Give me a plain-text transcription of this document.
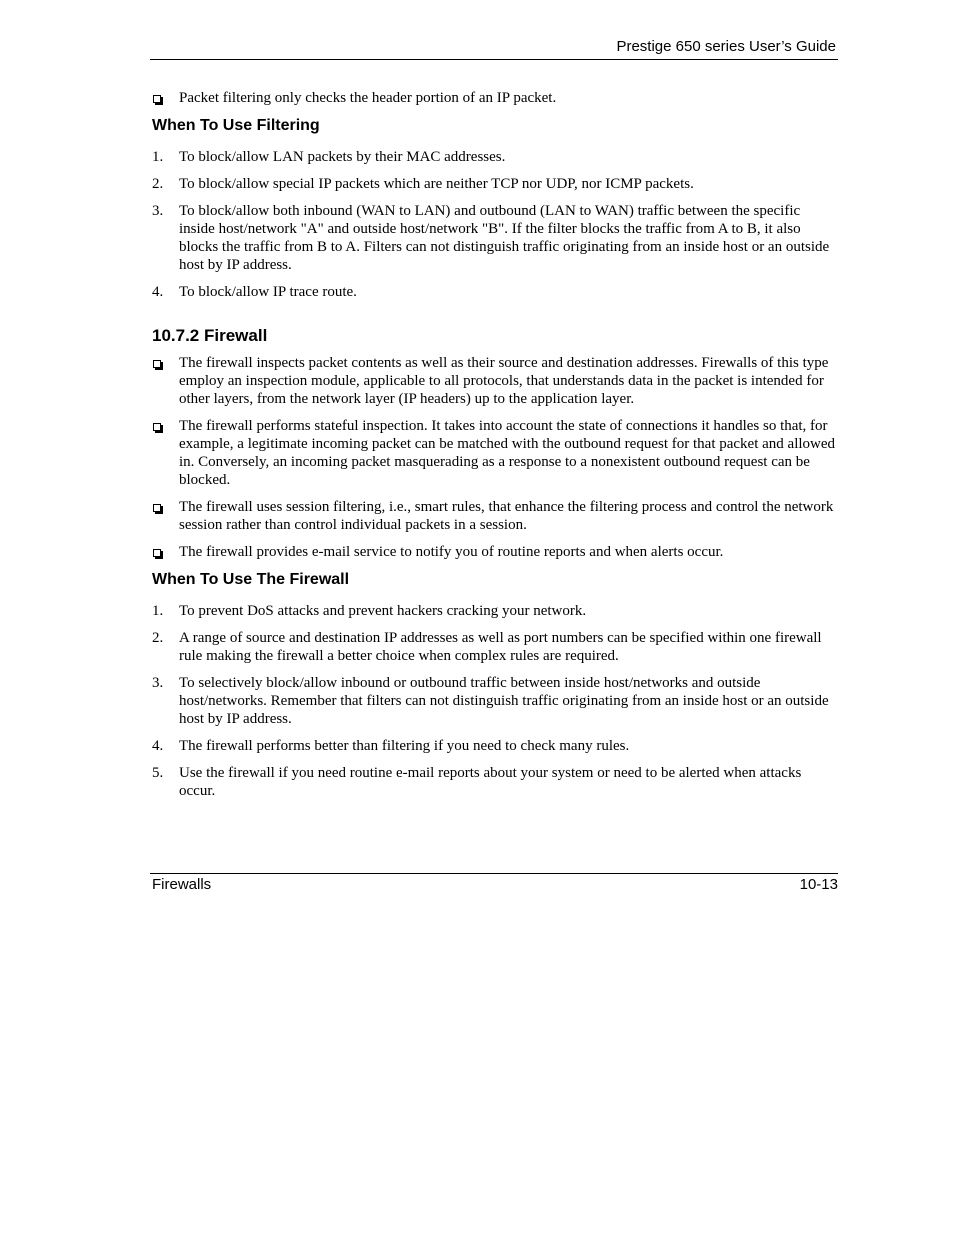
Prestige 650 series User’s Guide
Packet filtering only checks the header portion of an IP packet.
When To Use Filtering
1. To block/allow LAN packets by their MAC addresses.
2. To block/allow special IP packets which are neither TCP nor UDP, nor ICMP packets.
3. To block/allow both inbound (WAN to LAN) and outbound (LAN to WAN) traffic between the specific inside host/network "A" and outside host/network "B". If the filter blocks the traffic from A to B, it also blocks the traffic from B to A. Filters can not distinguish traffic originating from an inside host or an outside host by IP address.
4. To block/allow IP trace route.
10.7.2 Firewall
The firewall inspects packet contents as well as their source and destination addresses. Firewalls of this type employ an inspection module, applicable to all protocols, that understands data in the packet is intended for other layers, from the network layer (IP headers) up to the application layer.
The firewall performs stateful inspection. It takes into account the state of connections it handles so that, for example, a legitimate incoming packet can be matched with the outbound request for that packet and allowed in. Conversely, an incoming packet masquerading as a response to a nonexistent outbound request can be blocked.
The firewall uses session filtering, i.e., smart rules, that enhance the filtering process and control the network session rather than control individual packets in a session.
The firewall provides e-mail service to notify you of routine reports and when alerts occur.
When To Use The Firewall
1. To prevent DoS attacks and prevent hackers cracking your network.
2. A range of source and destination IP addresses as well as port numbers can be specified within one firewall rule making the firewall a better choice when complex rules are required.
3. To selectively block/allow inbound or outbound traffic between inside host/networks and outside host/networks. Remember that filters can not distinguish traffic originating from an inside host or an outside host by IP address.
4. The firewall performs better than filtering if you need to check many rules.
5. Use the firewall if you need routine e-mail reports about your system or need to be alerted when attacks occur.
Firewalls	10-13
